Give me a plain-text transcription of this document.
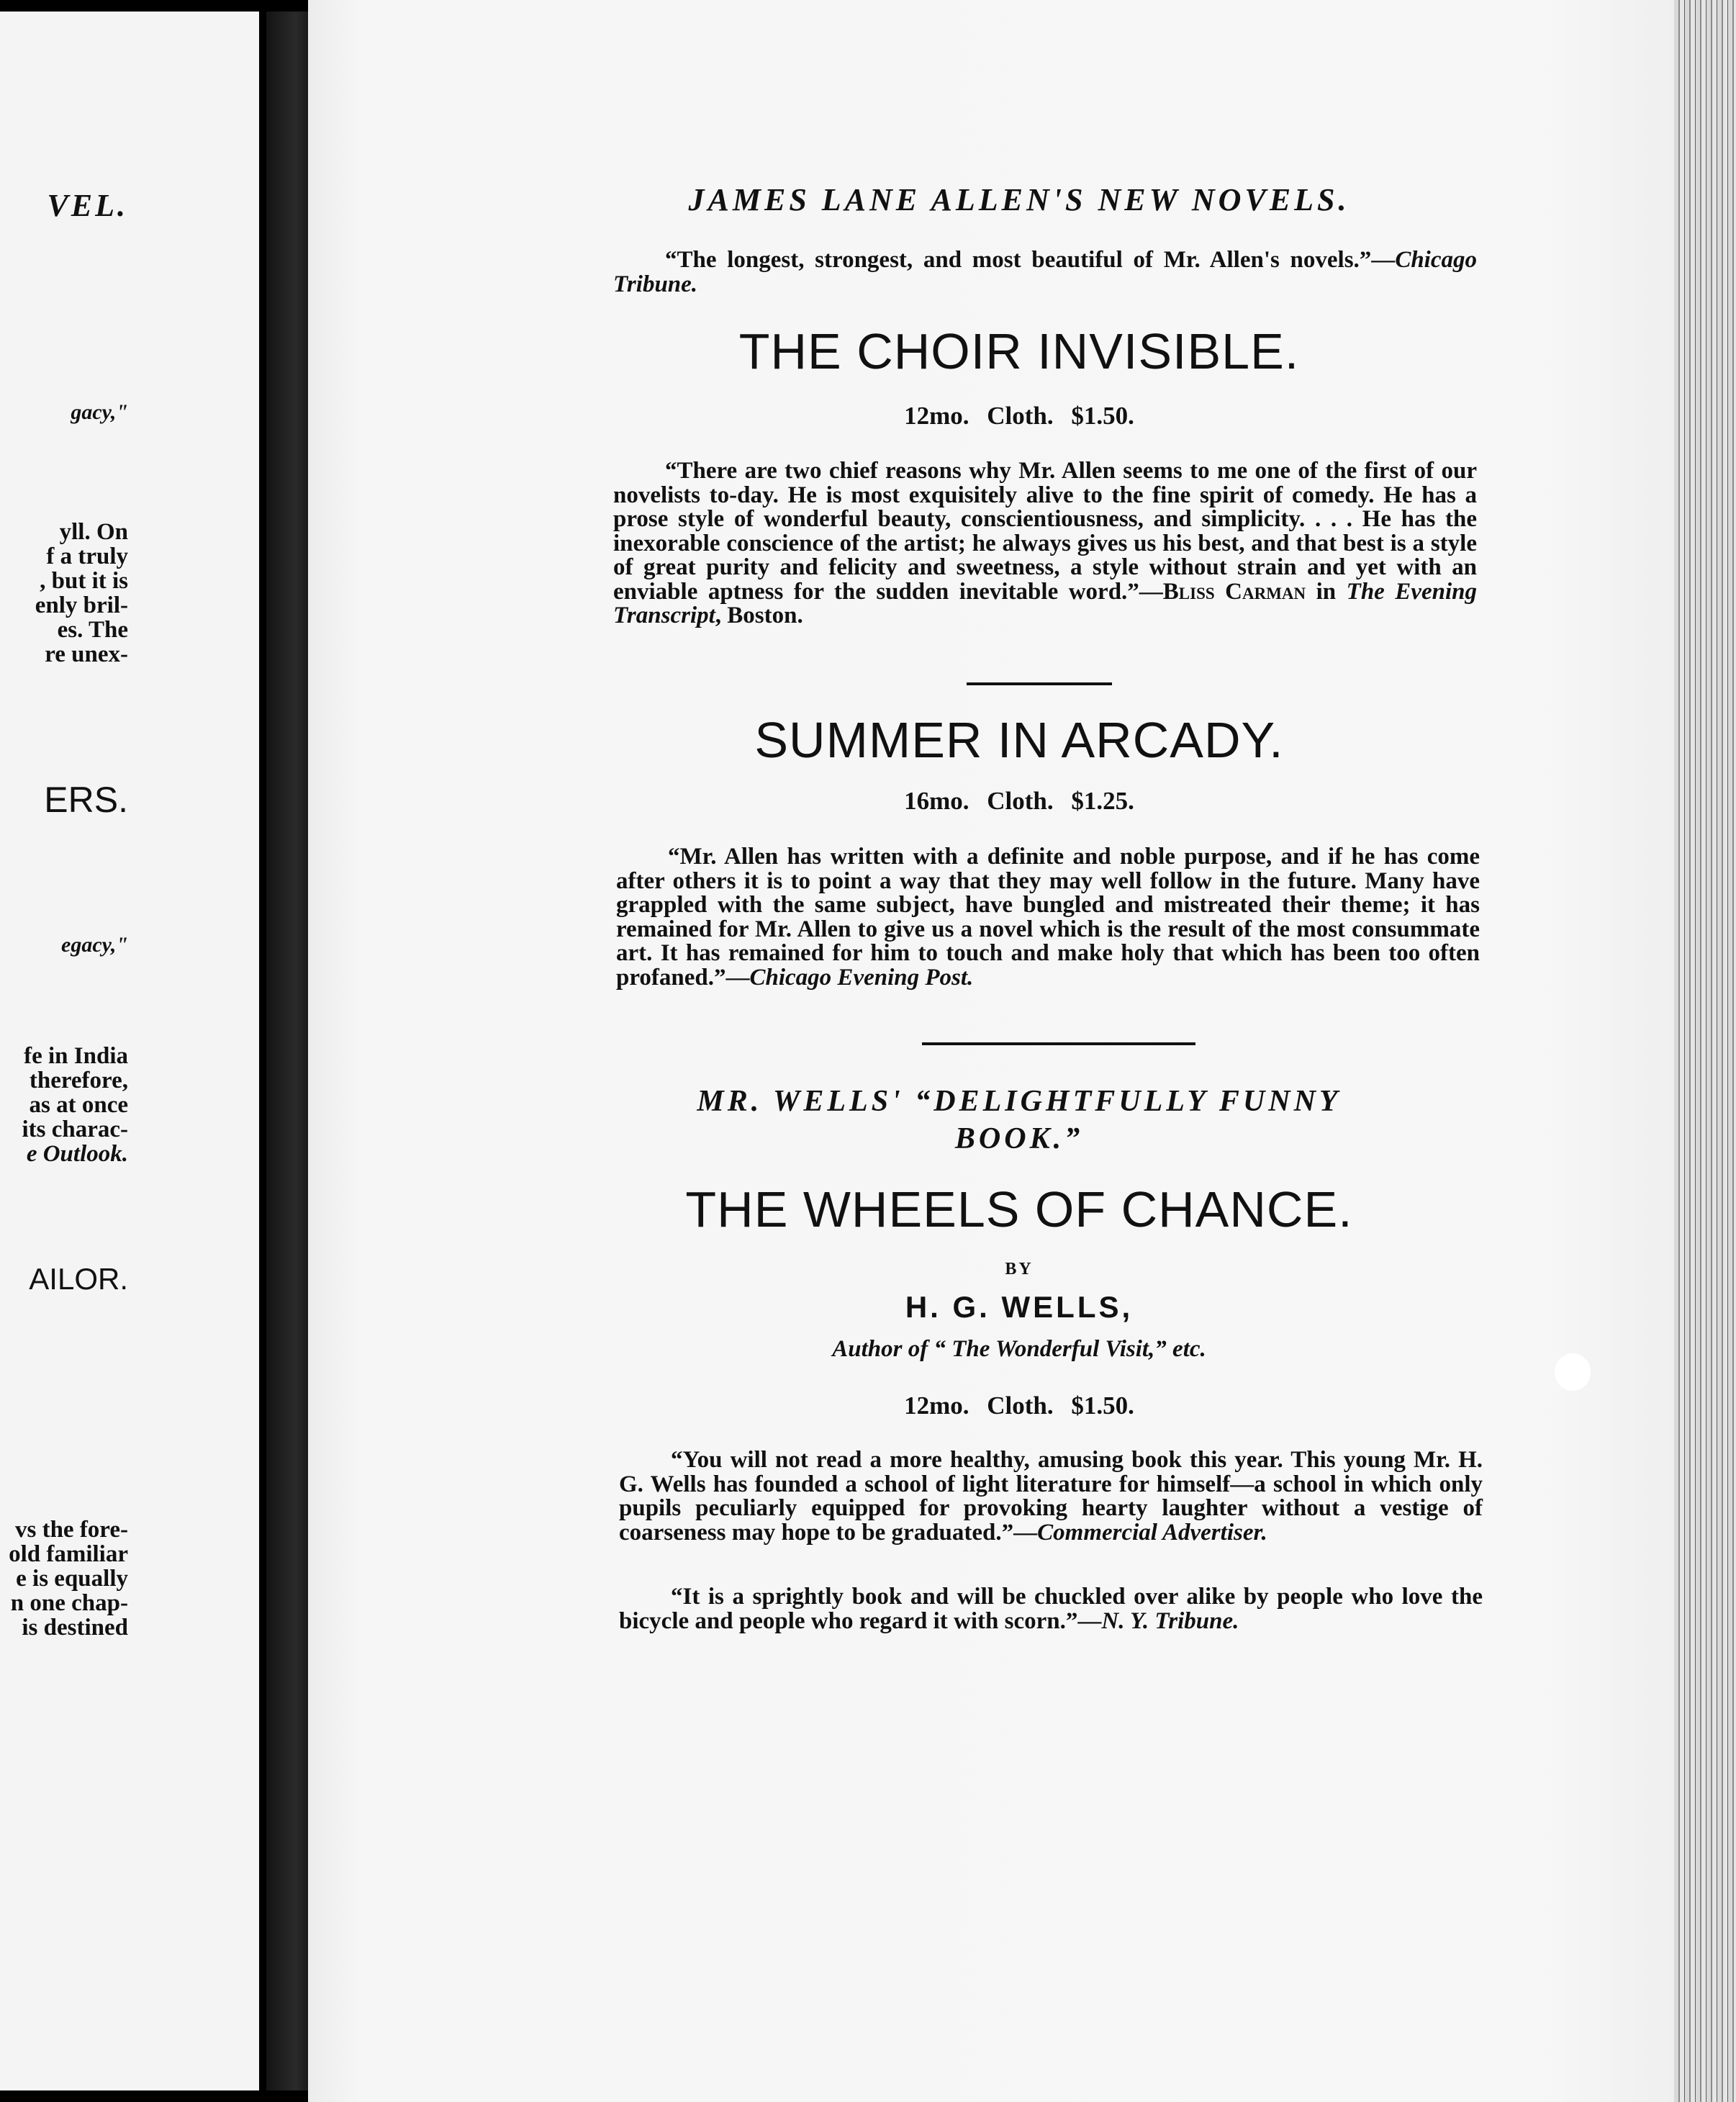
VEL.
gacy,"
yll. On
f a truly
, but it is
enly bril-
es. The
re unex-
ERS.
egacy,"
fe in India
therefore,
as at once
its charac-
e Outlook.
AILOR.
vs the fore-
old familiar
e is equally
n one chap-
is destined
JAMES LANE ALLEN'S NEW NOVELS.
“The longest, strongest, and most beautiful of Mr. Allen's novels.”—Chicago Tribune.
THE CHOIR INVISIBLE.
12mo. Cloth. $1.50.
“There are two chief reasons why Mr. Allen seems to me one of the first of our novelists to-day. He is most exquisitely alive to the fine spirit of comedy. He has a prose style of wonderful beauty, conscientiousness, and simplicity. . . . He has the inexorable conscience of the artist; he always gives us his best, and that best is a style of great purity and felicity and sweetness, a style without strain and yet with an enviable aptness for the sudden inevitable word.”—Bliss Carman in The Evening Transcript, Boston.
SUMMER IN ARCADY.
16mo. Cloth. $1.25.
“Mr. Allen has written with a definite and noble purpose, and if he has come after others it is to point a way that they may well follow in the future. Many have grappled with the same subject, have bungled and mistreated their theme; it has remained for Mr. Allen to give us a novel which is the result of the most consummate art. It has remained for him to touch and make holy that which has been too often profaned.”—Chicago Evening Post.
MR. WELLS' “DELIGHTFULLY FUNNY
BOOK.”
THE WHEELS OF CHANCE.
BY
H. G. WELLS,
Author of “ The Wonderful Visit,” etc.
12mo. Cloth. $1.50.
“You will not read a more healthy, amusing book this year. This young Mr. H. G. Wells has founded a school of light literature for himself—a school in which only pupils peculiarly equipped for provoking hearty laughter without a vestige of coarseness may hope to be graduated.”—Commercial Advertiser.
“It is a sprightly book and will be chuckled over alike by people who love the bicycle and people who regard it with scorn.”—N. Y. Tribune.
